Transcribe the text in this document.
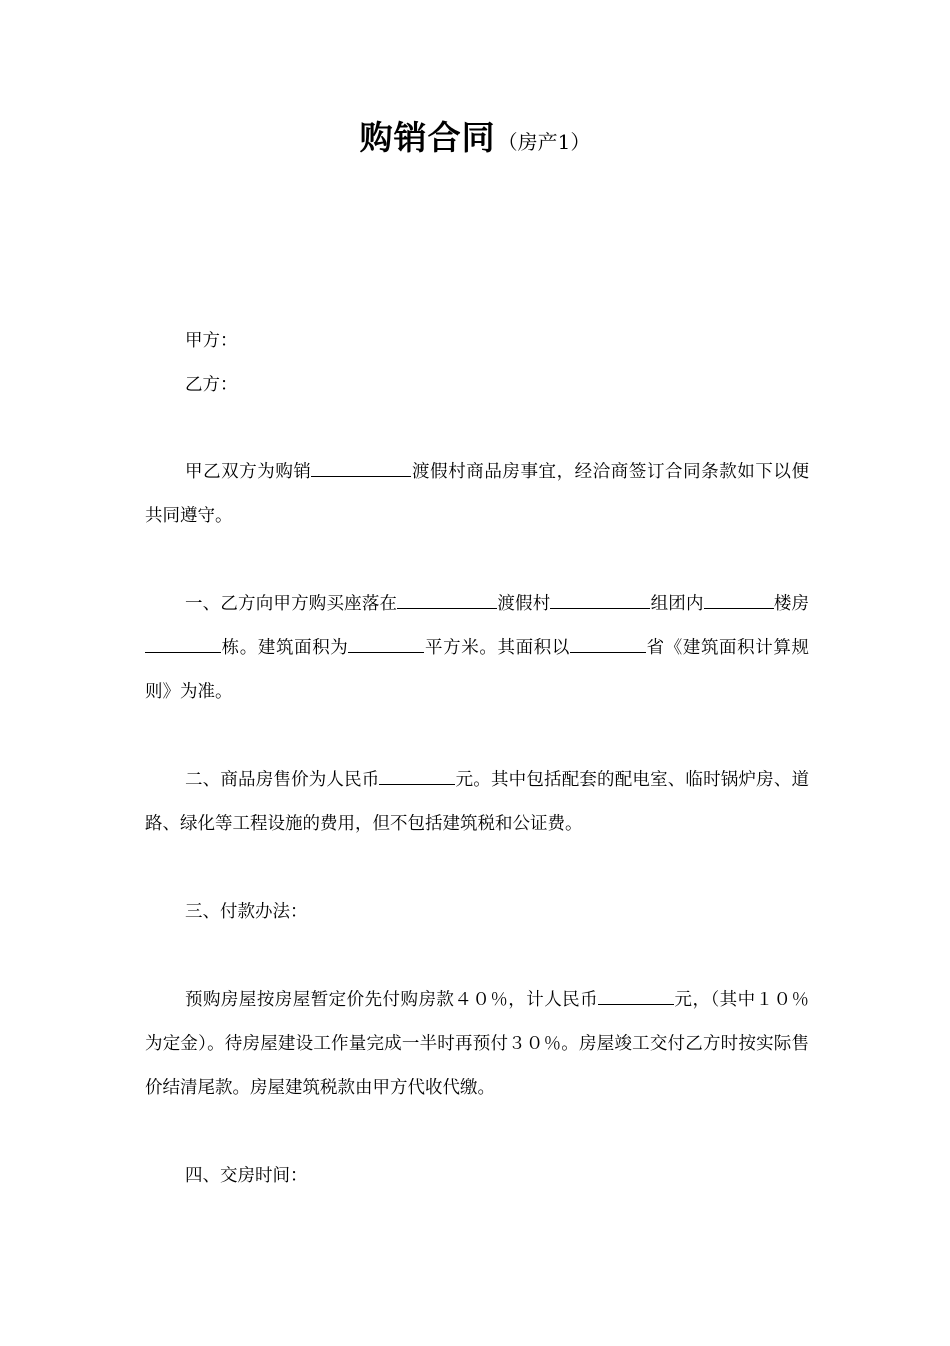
购销合同 （房产1）

甲方：

乙方：

甲乙双方为购销	渡假村商品房事宜，经洽商签订合同条款如下以便共同遵守。

一、乙方向甲方购买座落在	渡假村	组团内	楼房栋。建筑面积为	平方米。其面积以	省《建筑面积计算规则》为准。

二、商品房售价为人民币	元。其中包括配套的配电室、临时锅炉房、道路、绿化等工程设施的费用，但不包括建筑税和公证费。

三、付款办法：

预购房屋按房屋暂定价先付购房款４０％，计人民币	元，（其中１０％为定金）。待房屋建设工作量完成一半时再预付３０％。房屋竣工交付乙方时按实际售价结清尾款。房屋建筑税款由甲方代收代缴。

四、交房时间：
